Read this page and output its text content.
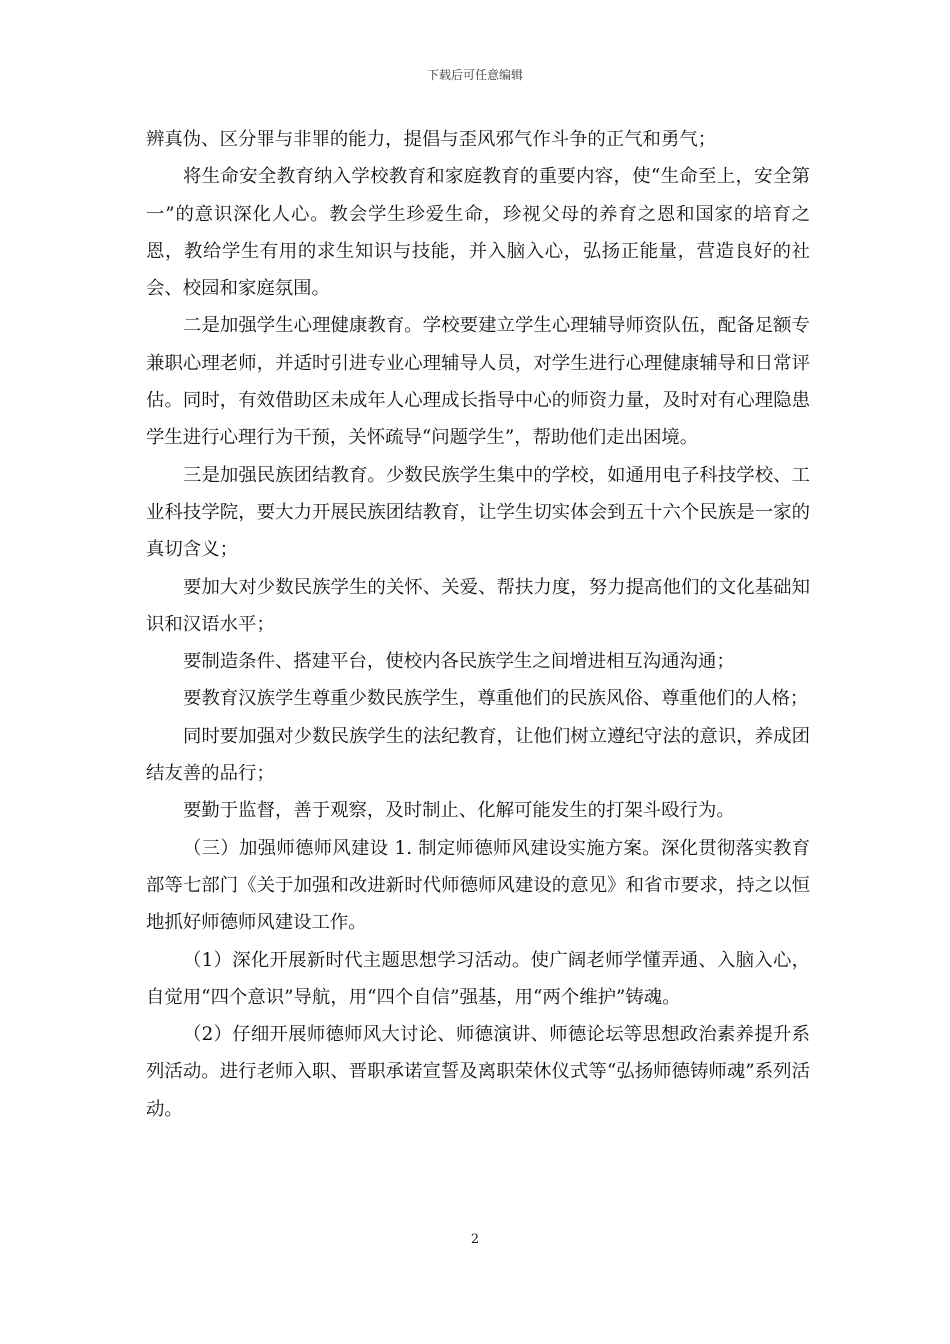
下载后可任意编辑

辨真伪、区分罪与非罪的能力，提倡与歪风邪气作斗争的正气和勇气；

将生命安全教育纳入学校教育和家庭教育的重要内容，使“生命至上，安全第一”的意识深化人心。教会学生珍爱生命，珍视父母的养育之恩和国家的培育之恩，教给学生有用的求生知识与技能，并入脑入心，弘扬正能量，营造良好的社会、校园和家庭氛围。

二是加强学生心理健康教育。学校要建立学生心理辅导师资队伍，配备足额专兼职心理老师，并适时引进专业心理辅导人员，对学生进行心理健康辅导和日常评估。同时，有效借助区未成年人心理成长指导中心的师资力量，及时对有心理隐患学生进行心理行为干预，关怀疏导“问题学生”，帮助他们走出困境。

三是加强民族团结教育。少数民族学生集中的学校，如通用电子科技学校、工业科技学院，要大力开展民族团结教育，让学生切实体会到五十六个民族是一家的真切含义；

要加大对少数民族学生的关怀、关爱、帮扶力度，努力提高他们的文化基础知识和汉语水平；

要制造条件、搭建平台，使校内各民族学生之间增进相互沟通沟通；

要教育汉族学生尊重少数民族学生，尊重他们的民族风俗、尊重他们的人格；

同时要加强对少数民族学生的法纪教育，让他们树立遵纪守法的意识，养成团结友善的品行；

要勤于监督，善于观察，及时制止、化解可能发生的打架斗殴行为。

（三）加强师德师风建设 1. 制定师德师风建设实施方案。深化贯彻落实教育部等七部门《关于加强和改进新时代师德师风建设的意见》和省市要求，持之以恒地抓好师德师风建设工作。

（1）深化开展新时代主题思想学习活动。使广阔老师学懂弄通、入脑入心，自觉用“四个意识”导航，用“四个自信”强基，用“两个维护”铸魂。

（2）仔细开展师德师风大讨论、师德演讲、师德论坛等思想政治素养提升系列活动。进行老师入职、晋职承诺宣誓及离职荣休仪式等“弘扬师德铸师魂”系列活动。

2
